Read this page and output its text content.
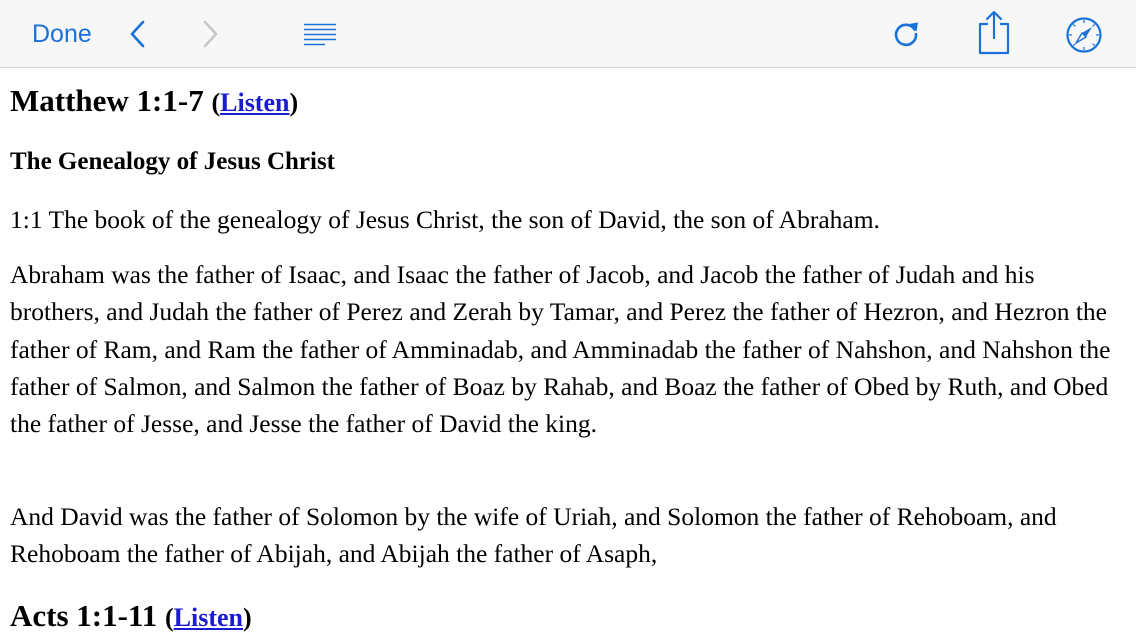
Done
Matthew 1:1-7 (Listen)
The Genealogy of Jesus Christ

1:1 The book of the genealogy of Jesus Christ, the son of David, the son of Abraham.

Abraham was the father of Isaac, and Isaac the father of Jacob, and Jacob the father of Judah and his brothers, and Judah the father of Perez and Zerah by Tamar, and Perez the father of Hezron, and Hezron the father of Ram, and Ram the father of Amminadab, and Amminadab the father of Nahshon, and Nahshon the father of Salmon, and Salmon the father of Boaz by Rahab, and Boaz the father of Obed by Ruth, and Obed the father of Jesse, and Jesse the father of David the king.

And David was the father of Solomon by the wife of Uriah, and Solomon the father of Rehoboam, and Rehoboam the father of Abijah, and Abijah the father of Asaph,

Acts 1:1-11 (Listen)
